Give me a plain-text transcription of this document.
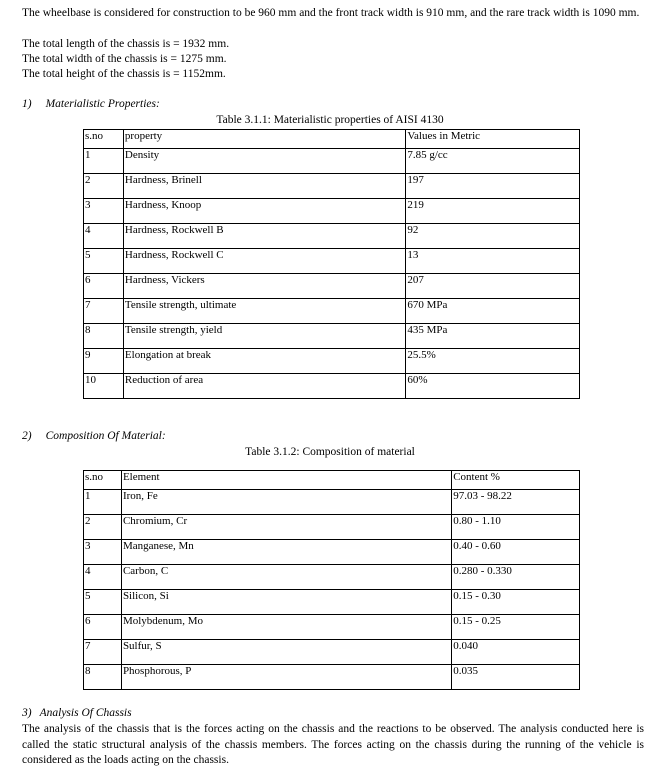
The wheelbase is considered for construction to be 960 mm and the front track width is 910 mm, and the rare track width is 1090 mm.
The total length of the chassis is = 1932 mm.
The total width of the chassis is = 1275 mm.
The total height of the chassis is = 1152mm.
1) Materialistic Properties:
Table 3.1.1: Materialistic properties of AISI 4130
s.no	property	Values in Metric
1	Density	7.85 g/cc
2	Hardness, Brinell	197
3	Hardness, Knoop	219
4	Hardness, Rockwell B	92
5	Hardness, Rockwell C	13
6	Hardness, Vickers	207
7	Tensile strength, ultimate	670 MPa
8	Tensile strength, yield	435 MPa
9	Elongation at break	25.5%
10	Reduction of area	60%
2) Composition Of Material:
Table 3.1.2: Composition of material
s.no	Element	Content %
1	Iron, Fe	97.03 - 98.22
2	Chromium, Cr	0.80 - 1.10
3	Manganese, Mn	0.40 - 0.60
4	Carbon, C	0.280 - 0.330
5	Silicon, Si	0.15 - 0.30
6	Molybdenum, Mo	0.15 - 0.25
7	Sulfur, S	0.040
8	Phosphorous, P	0.035
3) Analysis Of Chassis
The analysis of the chassis that is the forces acting on the chassis and the reactions to be observed. The analysis conducted here is called the static structural analysis of the chassis members. The forces acting on the chassis during the running of the vehicle is considered as the loads acting on the chassis.
